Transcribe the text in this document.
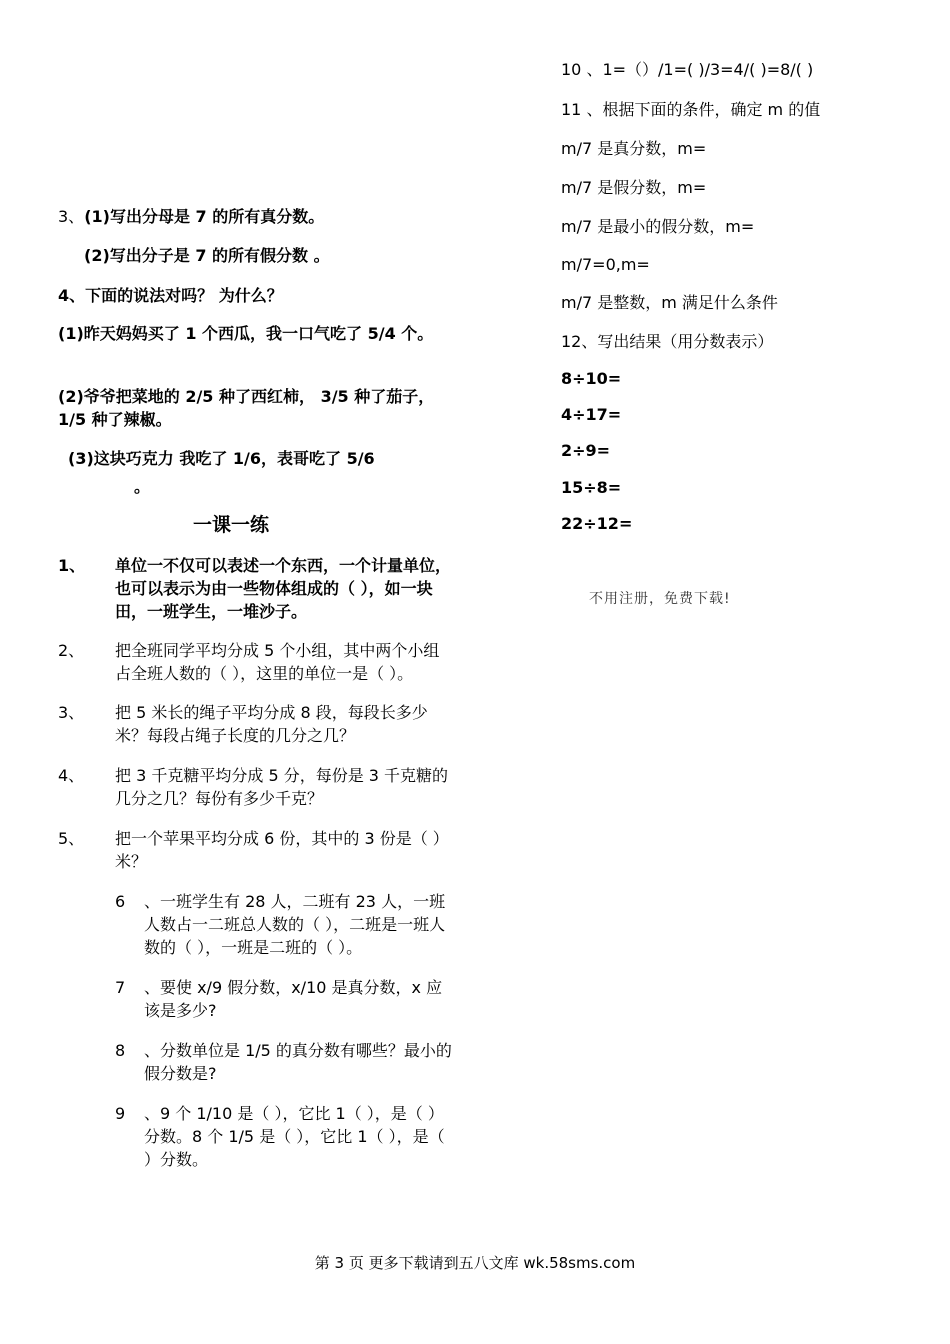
3、(1)写出分母是 7 的所有真分数。
(2)写出分子是 7 的所有假分数 。
4、下面的说法对吗？ 为什么？
(1)昨天妈妈买了 1 个西瓜，我一口气吃了 5/4 个。
(2)爷爷把菜地的 2/5 种了西红柿， 3/5 种了茄子， 1/5 种了辣椒。
(3)这块巧克力 我吃了 1/6，表哥吃了 5/6
。
一课一练
1、 单位一不仅可以表述一个东西，一个计量单位，也可以表示为由一些物体组成的（ ），如一块田，一班学生，一堆沙子。
2、 把全班同学平均分成 5 个小组，其中两个小组占全班人数的（ ），这里的单位一是（ ）。
3、 把 5 米长的绳子平均分成 8 段，每段长多少米？每段占绳子长度的几分之几？
4、 把 3 千克糖平均分成 5 分，每份是 3 千克糖的几分之几？每份有多少千克？
5、 把一个苹果平均分成 6 份，其中的 3 份是（ ）米？
6 、一班学生有 28 人，二班有 23 人，一班人数占一二班总人数的（ ），二班是一班人数的（ ），一班是二班的（ ）。
7 、要使 x/9 假分数，x/10 是真分数，x 应该是多少?
8 、分数单位是 1/5 的真分数有哪些？最小的假分数是?
9 、9 个 1/10 是（ ），它比 1（ ），是（ ）分数。8 个 1/5 是（ ），它比 1（ ），是（ ）分数。
10 、1=（）/1=( )/3=4/( )=8/( )
11 、根据下面的条件，确定 m 的值
m/7 是真分数，m=
m/7 是假分数，m=
m/7 是最小的假分数，m=
m/7=0,m=
m/7 是整数，m 满足什么条件
12、写出结果（用分数表示）
8÷10=
4÷17=
2÷9=
15÷8=
22÷12=
不用注册，免费下载!
第 3 页 更多下载请到五八文库 wk.58sms.com
